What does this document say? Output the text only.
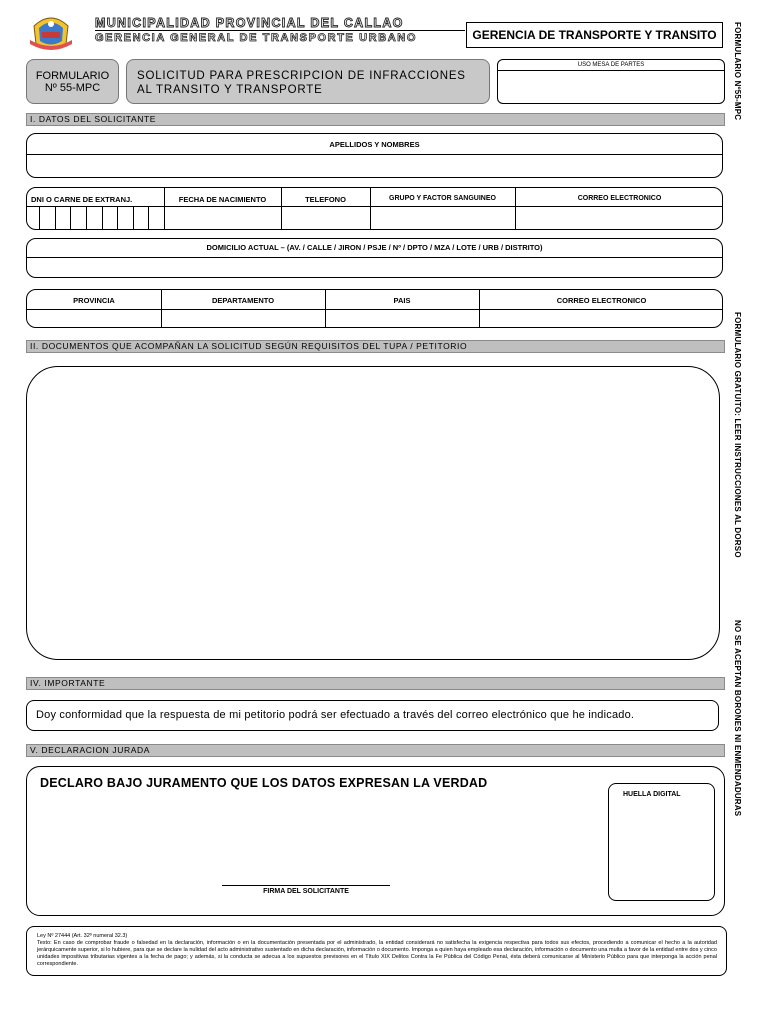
MUNICIPALIDAD PROVINCIAL DEL CALLAO
GERENCIA GENERAL DE TRANSPORTE URBANO	GERENCIA DE TRANSPORTE Y TRANSITO
FORMULARIO
Nº 55-MPC
SOLICITUD PARA PRESCRIPCION DE INFRACCIONES AL TRANSITO Y TRANSPORTE
USO MESA DE PARTES	FORMULARIO Nº55-MPC
FORMULARIO GRATUITO: LEER INSTRUCCIONES AL DORSO
NO SE ACEPTAN BORONES NI ENMENDADURAS
I. DATOS DEL SOLICITANTE
APELLIDOS Y NOMBRES
DNI O CARNE DE EXTRANJ.	FECHA DE NACIMIENTO	TELEFONO	GRUPO Y FACTOR SANGUINEO	CORREO ELECTRONICO
DOMICILIO ACTUAL – (AV. / CALLE / JIRON / PSJE / Nº / DPTO / MZA / LOTE / URB / DISTRITO)
PROVINCIA	DEPARTAMENTO	PAIS	CORREO ELECTRONICO
II. DOCUMENTOS QUE ACOMPAÑAN LA SOLICITUD SEGÚN REQUISITOS DEL TUPA / PETITORIO
IV. IMPORTANTE
Doy conformidad que la respuesta de mi petitorio podrá ser efectuado a través del correo electrónico que he indicado.
V. DECLARACION JURADA
DECLARO BAJO JURAMENTO QUE LOS DATOS EXPRESAN LA VERDAD
FIRMA DEL SOLICITANTE
HUELLA DIGITAL
Ley Nº 27444 (Art. 32º numeral 32.3)
Texto: En caso de comprobar fraude o falsedad en la declaración, información o en la documentación presentada por el administrado, la entidad considerará no satisfecha la exigencia respectiva para todos sus efectos, procediendo a comunicar el hecho a la autoridad jerárquicamente superior, si lo hubiere, para que se declare la nulidad del acto administrativo sustentado en dicha declaración, información o documento. Imponga a quien haya empleado esa declaración, información o documento una multa a favor de la entidad entre dos y cinco unidades impositivas tributarias vigentes a la fecha de pago; y además, si la conducta se adecua a los supuestos previsores en el Título XIX Delitos Contra la Fe Pública del Código Penal, ésta deberá comunicarse al Ministerio Público para que interponga la acción penal correspondiente.
